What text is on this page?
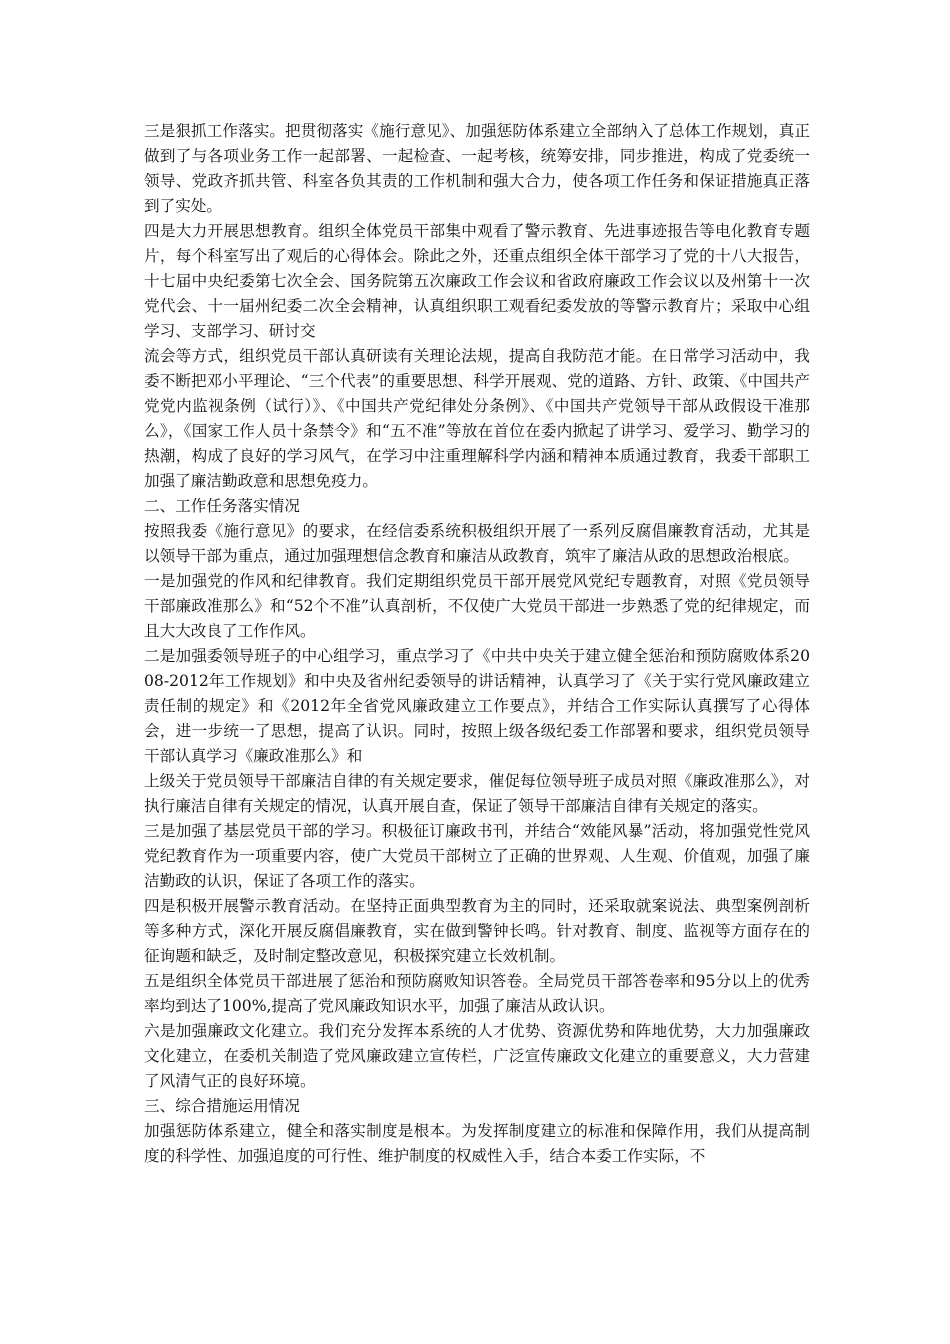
三是狠抓工作落实。把贯彻落实《施行意见》、加强惩防体系建立全部纳入了总体工作规划，真正做到了与各项业务工作一起部署、一起检查、一起考核，统筹安排，同步推进，构成了党委统一领导、党政齐抓共管、科室各负其责的工作机制和强大合力，使各项工作任务和保证措施真正落到了实处。

四是大力开展思想教育。组织全体党员干部集中观看了警示教育、先进事迹报告等电化教育专题片，每个科室写出了观后的心得体会。除此之外，还重点组织全体干部学习了党的十八大报告，十七届中央纪委第七次全会、国务院第五次廉政工作会议和省政府廉政工作会议以及州第十一次党代会、十一届州纪委二次全会精神，认真组织职工观看纪委发放的等警示教育片；采取中心组学习、支部学习、研讨交

流会等方式，组织党员干部认真研读有关理论法规，提高自我防范才能。在日常学习活动中，我委不断把邓小平理论、“三个代表”的重要思想、科学开展观、党的道路、方针、政策、《中国共产党党内监视条例（试行）》、《中国共产党纪律处分条例》、《中国共产党领导干部从政假设干准那么》，《国家工作人员十条禁令》和“五不准”等放在首位在委内掀起了讲学习、爱学习、勤学习的热潮，构成了良好的学习风气，在学习中注重理解科学内涵和精神本质通过教育，我委干部职工加强了廉洁勤政意和思想免疫力。

二、工作任务落实情况

按照我委《施行意见》的要求，在经信委系统积极组织开展了一系列反腐倡廉教育活动，尤其是以领导干部为重点，通过加强理想信念教育和廉洁从政教育，筑牢了廉洁从政的思想政治根底。

一是加强党的作风和纪律教育。我们定期组织党员干部开展党风党纪专题教育，对照《党员领导干部廉政准那么》和“52个不准”认真剖析，不仅使广大党员干部进一步熟悉了党的纪律规定，而且大大改良了工作作风。

二是加强委领导班子的中心组学习，重点学习了《中共中央关于建立健全惩治和预防腐败体系2008-2012年工作规划》和中央及省州纪委领导的讲话精神，认真学习了《关于实行党风廉政建立责任制的规定》和《2012年全省党风廉政建立工作要点》，并结合工作实际认真撰写了心得体会，进一步统一了思想，提高了认识。同时，按照上级各级纪委工作部署和要求，组织党员领导干部认真学习《廉政准那么》和

上级关于党员领导干部廉洁自律的有关规定要求，催促每位领导班子成员对照《廉政准那么》，对执行廉洁自律有关规定的情况，认真开展自查，保证了领导干部廉洁自律有关规定的落实。

三是加强了基层党员干部的学习。积极征订廉政书刊，并结合“效能风暴”活动，将加强党性党风党纪教育作为一项重要内容，使广大党员干部树立了正确的世界观、人生观、价值观，加强了廉洁勤政的认识，保证了各项工作的落实。

四是积极开展警示教育活动。在坚持正面典型教育为主的同时，还采取就案说法、典型案例剖析等多种方式，深化开展反腐倡廉教育，实在做到警钟长鸣。针对教育、制度、监视等方面存在的征询题和缺乏，及时制定整改意见，积极探究建立长效机制。

五是组织全体党员干部进展了惩治和预防腐败知识答卷。全局党员干部答卷率和95分以上的优秀率均到达了100%,提高了党风廉政知识水平，加强了廉洁从政认识。

六是加强廉政文化建立。我们充分发挥本系统的人才优势、资源优势和阵地优势，大力加强廉政文化建立，在委机关制造了党风廉政建立宣传栏，广泛宣传廉政文化建立的重要意义，大力营建了风清气正的良好环境。

三、综合措施运用情况

加强惩防体系建立，健全和落实制度是根本。为发挥制度建立的标准和保障作用，我们从提高制度的科学性、加强追度的可行性、维护制度的权威性入手，结合本委工作实际，不
